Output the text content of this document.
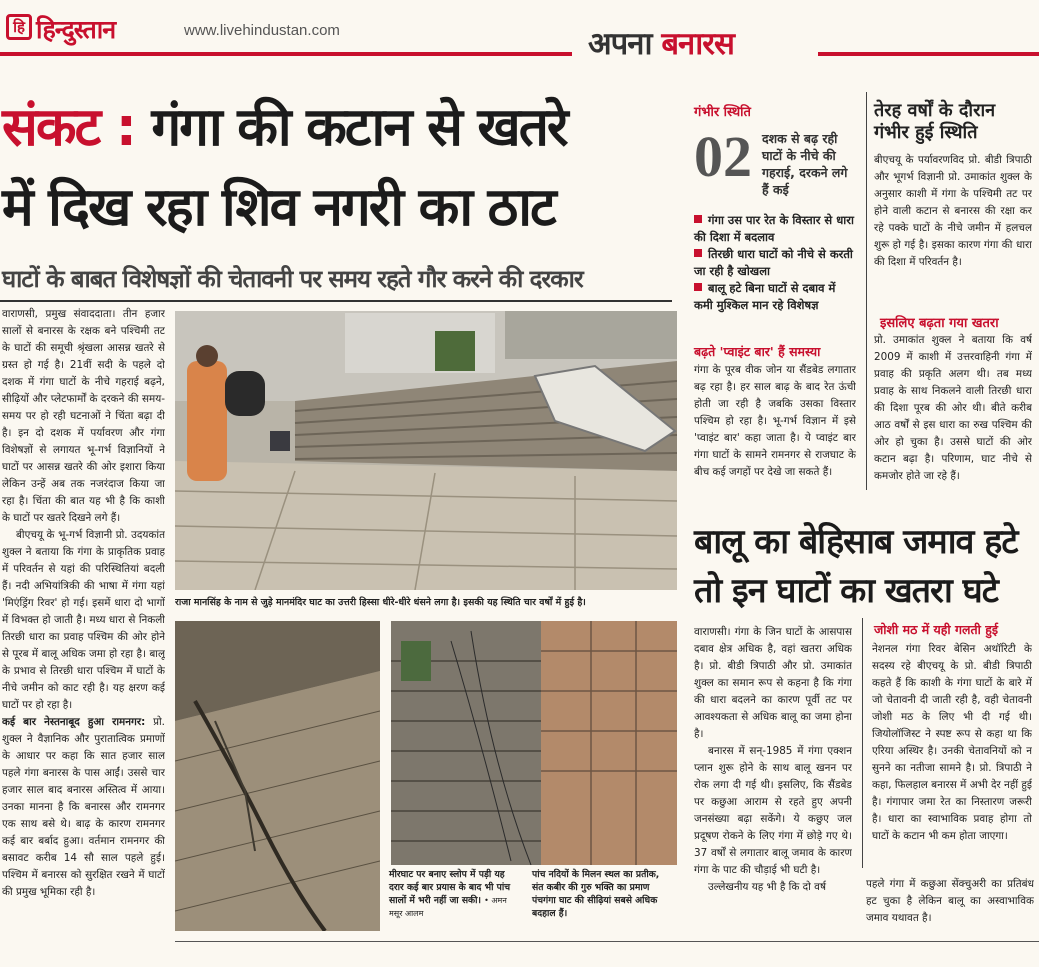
हि हिन्दुस्तान	www.livehindustan.com	अपना बनारस
संकट : गंगा की कटान से खतरे
में दिख रहा शिव नगरी का ठाट
घाटों के बाबत विशेषज्ञों की चेतावनी पर समय रहते गौर करने की दरकार

वाराणसी, प्रमुख संवाददाता। तीन हजार सालों से बनारस के रक्षक बने पश्चिमी तट के घाटों की समूची श्रृंखला आसन्न खतरे से ग्रस्त हो गई है। 21वीं सदी के पहले दो दशक में गंगा घाटों के नीचे गहराई बढ़ने, सीढ़ियों और प्लेटफार्मों के दरकने की समय-समय पर हो रही घटनाओं ने चिंता बढ़ा दी है। इन दो दशक में पर्यावरण और गंगा विशेषज्ञों से लगायत भू-गर्भ विज्ञानियों ने घाटों पर आसन्न खतरे की ओर इशारा किया लेकिन उन्हें अब तक नजरंदाज किया जा रहा है। चिंता की बात यह भी है कि काशी के घाटों पर खतरे दिखने लगे हैं।

बीएचयू के भू-गर्भ विज्ञानी प्रो. उदयकांत शुक्ल ने बताया कि गंगा के प्राकृतिक प्रवाह में परिवर्तन से यहां की परिस्थितियां बदली हैं। नदी अभियांत्रिकी की भाषा में गंगा यहां 'मिएंड्रिंग रिवर' हो गई। इसमें धारा दो भागों में विभक्त हो जाती है। मध्य धारा से निकली तिरछी धारा का प्रवाह पश्चिम की ओर होने से पूरब में बालू अधिक जमा हो रहा है। बालू के प्रभाव से तिरछी धारा पश्चिम में घाटों के नीचे जमीन को काट रही है। यह क्षरण कई घाटों पर हो रहा है।

कई बार नेस्तनाबूद हुआ रामनगर: प्रो. शुक्ल ने वैज्ञानिक और पुरातात्विक प्रमाणों के आधार पर कहा कि सात हजार साल पहले गंगा बनारस के पास आईं। उससे चार हजार साल बाद बनारस अस्तित्व में आया। उनका मानना है कि बनारस और रामनगर एक साथ बसे थे। बाढ़ के कारण रामनगर कई बार बर्बाद हुआ। वर्तमान रामनगर की बसावट करीब 14 सौ साल पहले हुई। पश्चिम में बनारस को सुरक्षित रखने में घाटों की प्रमुख भूमिका रही है।

राजा मानसिंह के नाम से जुड़े मानमंदिर घाट का उत्तरी हिस्सा धीरे-धीरे धंसने लगा है। इसकी यह स्थिति चार वर्षों में हुई है।
मीरघाट पर बनाए स्लोप में पड़ी यह दरार कई बार प्रयास के बाद भी पांच सालों में भरी नहीं जा सकी। • अमन मसूर आलम
पांच नदियों के मिलन स्थल का प्रतीक, संत कबीर की गुरु भक्ति का प्रमाण पंचगंगा घाट की सीढ़ियां सबसे अधिक बदहाल हैं।
गंभीर स्थिति
02 दशक से बढ़ रही घाटों के नीचे की गहराई, दरकने लगे हैं कई
गंगा उस पार रेत के विस्तार से धारा की दिशा में बदलाव
तिरछी धारा घाटों को नीचे से करती जा रही है खोखला
बालू हटे बिना घाटों से दबाव में कमी मुश्किल मान रहे विशेषज्ञ
बढ़ते 'प्वाइंट बार' हैं समस्या
गंगा के पूरब वीक जोन या सैंडबेड लगातार बढ़ रहा है। हर साल बाढ़ के बाद रेत ऊंची होती जा रही है जबकि उसका विस्तार पश्चिम हो रहा है। भू-गर्भ विज्ञान में इसे 'प्वाइंट बार' कहा जाता है। ये प्वाइंट बार गंगा घाटों के सामने रामनगर से राजघाट के बीच कई जगहों पर देखे जा सकते हैं।
तेरह वर्षों के दौरान गंभीर हुई स्थिति
बीएचयू के पर्यावरणविद प्रो. बीडी त्रिपाठी और भूगर्भ विज्ञानी प्रो. उमाकांत शुक्ल के अनुसार काशी में गंगा के पश्चिमी तट पर होने वाली कटान से बनारस की रक्षा कर रहे पक्के घाटों के नीचे जमीन में हलचल शुरू हो गई है। इसका कारण गंगा की धारा की दिशा में परिवर्तन है।
इसलिए बढ़ता गया खतरा
प्रो. उमाकांत शुक्ल ने बताया कि वर्ष 2009 में काशी में उत्तरवाहिनी गंगा में प्रवाह की प्रकृति अलग थी। तब मध्य प्रवाह के साथ निकलने वाली तिरछी धारा की दिशा पूरब की ओर थी। बीते करीब आठ वर्षों से इस धारा का रुख पश्चिम की ओर हो चुका है। उससे घाटों की ओर कटान बढ़ा है। परिणाम, घाट नीचे से कमजोर होते जा रहे हैं।
बालू का बेहिसाब जमाव हटे
तो इन घाटों का खतरा घटे

वाराणसी। गंगा के जिन घाटों के आसपास दबाव क्षेत्र अधिक है, वहां खतरा अधिक है। प्रो. बीडी त्रिपाठी और प्रो. उमाकांत शुक्ल का समान रूप से कहना है कि गंगा की धारा बदलने का कारण पूर्वी तट पर आवश्यकता से अधिक बालू का जमा होना है।

बनारस में सन्-1985 में गंगा एक्शन प्लान शुरू होने के साथ बालू खनन पर रोक लगा दी गई थी। इसलिए, कि सैंडबेड पर कछुआ आराम से रहते हुए अपनी जनसंख्या बढ़ा सकेंगे। ये कछुए जल प्रदूषण रोकने के लिए गंगा में छोड़े गए थे। 37 वर्षों से लगातार बालू जमाव के कारण गंगा के पाट की चौड़ाई भी घटी है।

उल्लेखनीय यह भी है कि दो वर्ष

जोशी मठ में यही गलती हुई
नेशनल गंगा रिवर बेसिन अथॉरिटी के सदस्य रहे बीएचयू के प्रो. बीडी त्रिपाठी कहते हैं कि काशी के गंगा घाटों के बारे में जो चेतावनी दी जाती रही है, वही चेतावनी जोशी मठ के लिए भी दी गई थी। जियोलॉजिस्ट ने स्पष्ट रूप से कहा था कि एरिया अस्थिर है। उनकी चेतावनियों को न सुनने का नतीजा सामने है। प्रो. त्रिपाठी ने कहा, फिलहाल बनारस में अभी देर नहीं हुई है। गंगापार जमा रेत का निस्तारण जरूरी है। धारा का स्वाभाविक प्रवाह होगा तो घाटों के कटान भी कम होता जाएगा।
पहले गंगा में कछुआ सेंक्चुअरी का प्रतिबंध हट चुका है लेकिन बालू का अस्वाभाविक जमाव यथावत है।
